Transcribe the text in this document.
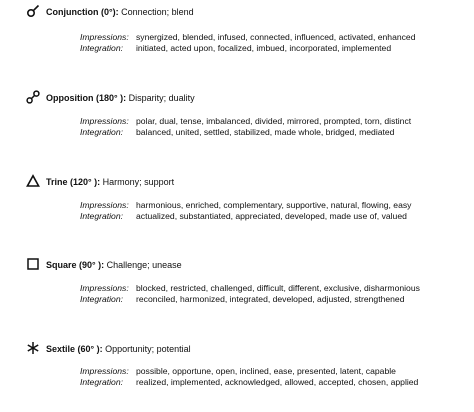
Conjunction (0°): Connection; blend
Impressions: synergized, blended, infused, connected, influenced, activated, enhanced
Integration: initiated, acted upon, focalized, imbued, incorporated, implemented
Opposition (180° ): Disparity; duality
Impressions: polar, dual, tense, imbalanced, divided, mirrored, prompted, torn, distinct
Integration: balanced, united, settled, stabilized, made whole, bridged, mediated
Trine (120° ): Harmony; support
Impressions: harmonious, enriched, complementary, supportive, natural, flowing, easy
Integration: actualized, substantiated, appreciated, developed, made use of, valued
Square (90° ): Challenge; unease
Impressions: blocked, restricted, challenged, difficult, different, exclusive, disharmonious
Integration: reconciled, harmonized, integrated, developed, adjusted, strengthened
Sextile (60° ): Opportunity; potential
Impressions: possible, opportune, open, inclined, ease, presented, latent, capable
Integration: realized, implemented, acknowledged, allowed, accepted, chosen, applied
